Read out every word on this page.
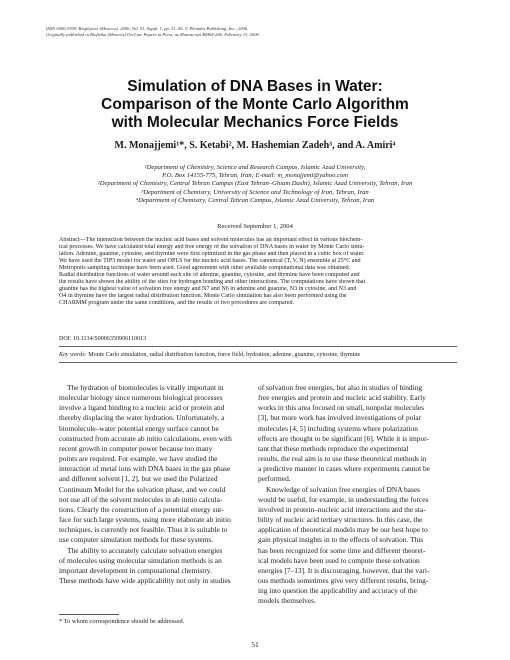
ISSN 0006-3509, Biophysics (Moscow), 2006, Vol. 51, Suppl. 1, pp. 51–56. © Pleiades Publishing, Inc., 2006.
Originally published in Biofizika (Moscow) On-Line Papers in Press, as Manuscript BM04-246, February 13, 2006.
Simulation of DNA Bases in Water:
Comparison of the Monte Carlo Algorithm
with Molecular Mechanics Force Fields
M. Monajjemi¹*, S. Ketabi², M. Hashemian Zadeh³, and A. Amiri⁴
¹Department of Chemistry, Science and Research Campus, Islamic Azad University,
P.O. Box 14155-775, Tehran, Iran; E-mail: m_monajjemi@yahoo.com
²Department of Chemistry, Central Tehran Campus (East Tehran–Ghiam Dasht), Islamic Azad University, Tehran, Iran
³Department of Chemistry, University of Science and Technology of Iran, Tehran, Iran
⁴Department of Chemistry, Central Tehran Campus, Islamic Azad University, Tehran, Iran
Received September 1, 2004
Abstract—The interaction between the nucleic acid bases and solvent molecules has an important effect in various biochem-
ical processes. We have calculated total energy and free energy of the solvation of DNA bases in water by Monte Carlo simu-
lation. Adenine, guanine, cytosine, and thymine were first optimized in the gas phase and then placed in a cubic box of water.
We have used the TIP3 model for water and OPLS for the nucleic acid bases. The canonical (T, V, N) ensemble at 25°C and
Metropolis sampling technique have been used. Good agreement with other available computational data was obtained.
Radial distribution functions of water around each site of adenine, guanine, cytosine, and thymine have been computed and
the results have shown the ability of the sites for hydrogen bonding and other interactions. The computations have shown that
guanine has the highest value of solvation free energy and N7 and N6 in adenine and guanine, N3 in cytosine, and N3 and
O4 in thymine have the largest radial distribution function. Monte Carlo simulation has also been performed using the
CHARMM program under the same conditions, and the results of two procedures are compared.
DOI: 10.1134/S0006350906110013
Key words: Monte Carlo simulation, radial distribution function, force field, hydration, adenine, guanine, cytosine, thymine
The hydration of biomolecules is vitally important in
molecular biology since numerous biological processes
involve a ligand binding to a nucleic acid or protein and
thereby displacing the water hydration. Unfortunately, a
biomolecule–water potential energy surface cannot be
constructed from accurate ab initio calculations, even with
recent growth in computer power because too many
points are required. For example, we have studied the
interaction of metal ions with DNA bases in the gas phase
and different solvent [1, 2], but we used the Polarized
Continuum Model for the solvation phase, and we could
not use all of the solvent molecules in ab initio calcula-
tions. Clearly the construction of a potential energy sur-
face for such large systems, using more elaborate ab initio
techniques, is currently not feasible. Thus it is suitable to
use computer simulation methods for these systems.
The ability to accurately calculate solvation energies
of molecules using molecular simulation methods is an
important development in computational chemistry.
These methods have wide applicability not only in studies
of solvation free energies, but also in studies of binding
free energies and protein and nucleic acid stability. Early
works in this area focused on small, nonpolar molecules
[3], but more work has involved investigations of polar
molecules [4, 5] including systems where polarization
effects are thought to be significant [6]. While it is impor-
tant that these methods reproduce the experimental
results, the real aim is to use these theoretical methods in
a predictive manner in cases where experiments cannot be
performed.
Knowledge of solvation free energies of DNA bases
would be useful, for example, in understanding the forces
involved in protein–nucleic acid interactions and the sta-
bility of nucleic acid tertiary structures. In this case, the
application of theoretical models may be our best hope to
gain physical insights in to the effects of solvation. This
has been recognized for some time and different theoret-
ical models have been used to compute these solvation
energies [7–13]. It is discouraging, however, that the vari-
ous methods sometimes give very different results, bring-
ing into question the applicability and accuracy of the
models themselves.
* To whom correspondence should be addressed.
51
